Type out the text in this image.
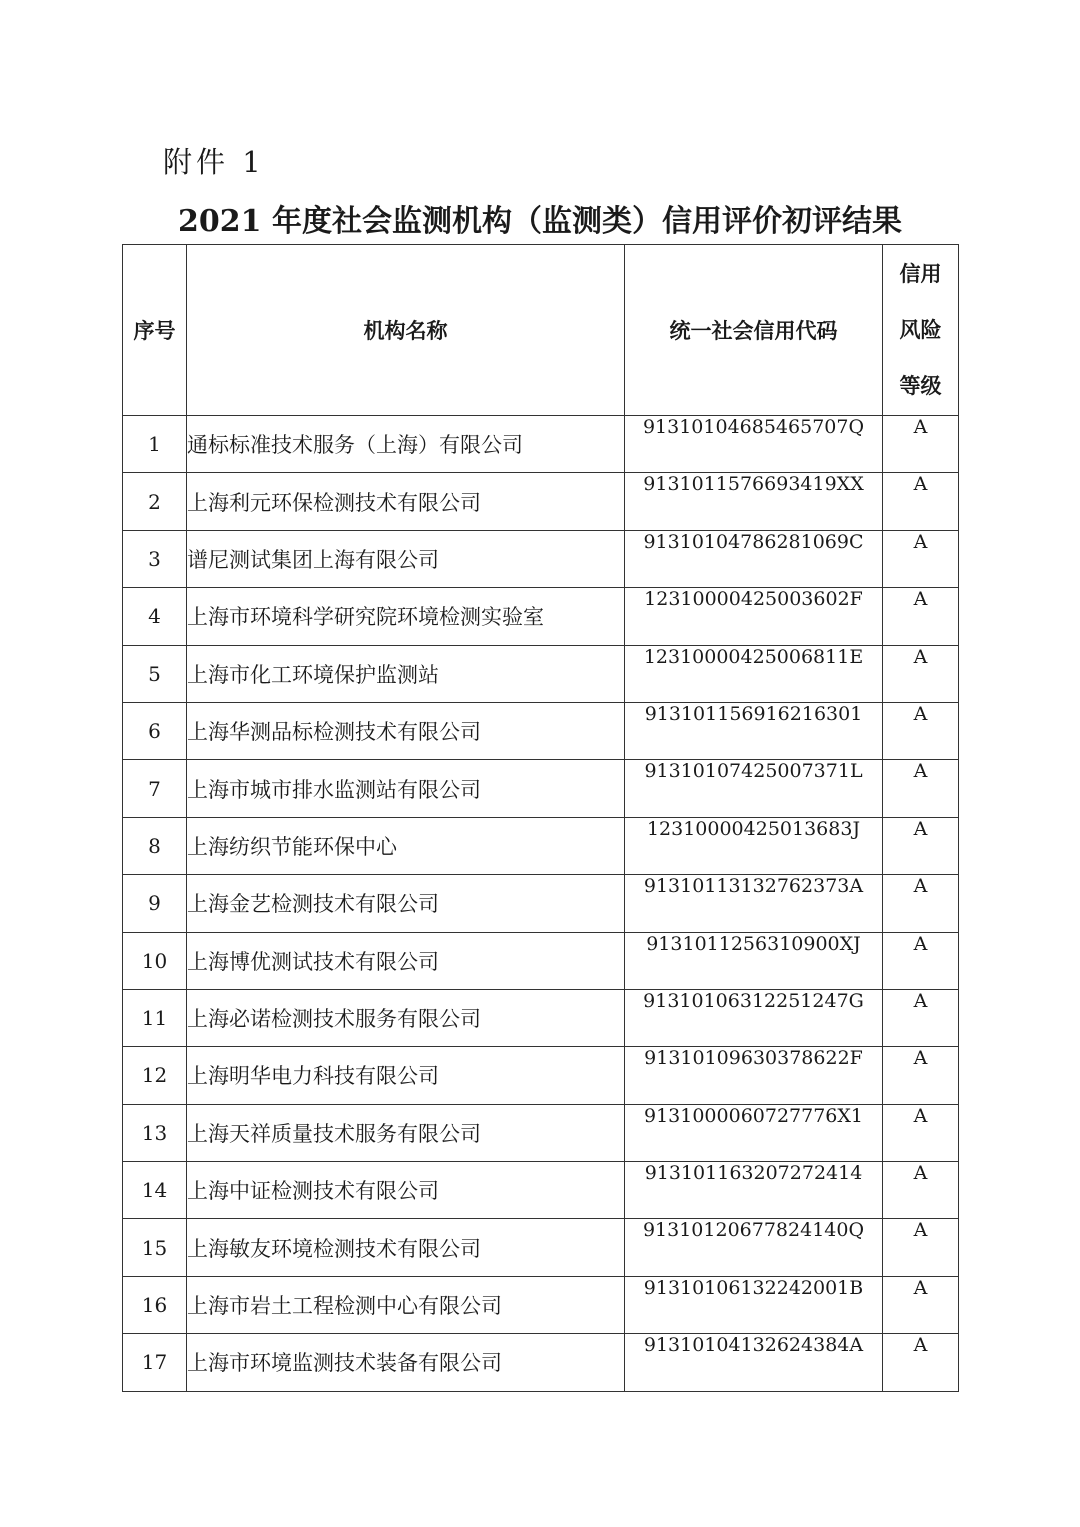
附件 1
2021 年度社会监测机构（监测类）信用评价初评结果
序号	机构名称	统一社会信用代码	信用
风险
等级

1	通标标准技术服务（上海）有限公司	91310104685465707Q	A
2	上海利元环保检测技术有限公司	9131011576693419XX	A
3	谱尼测试集团上海有限公司	91310104786281069C	A
4	上海市环境科学研究院环境检测实验室	12310000425003602F	A
5	上海市化工环境保护监测站	12310000425006811E	A
6	上海华测品标检测技术有限公司	913101156916216301	A
7	上海市城市排水监测站有限公司	91310107425007371L	A
8	上海纺织节能环保中心	12310000425013683J	A
9	上海金艺检测技术有限公司	91310113132762373A	A
10	上海博优测试技术有限公司	9131011256310900XJ	A
11	上海必诺检测技术服务有限公司	91310106312251247G	A
12	上海明华电力科技有限公司	91310109630378622F	A
13	上海天祥质量技术服务有限公司	9131000060727776X1	A
14	上海中证检测技术有限公司	913101163207272414	A
15	上海敏友环境检测技术有限公司	91310120677824140Q	A
16	上海市岩土工程检测中心有限公司	91310106132242001B	A
17	上海市环境监测技术装备有限公司	91310104132624384A	A
